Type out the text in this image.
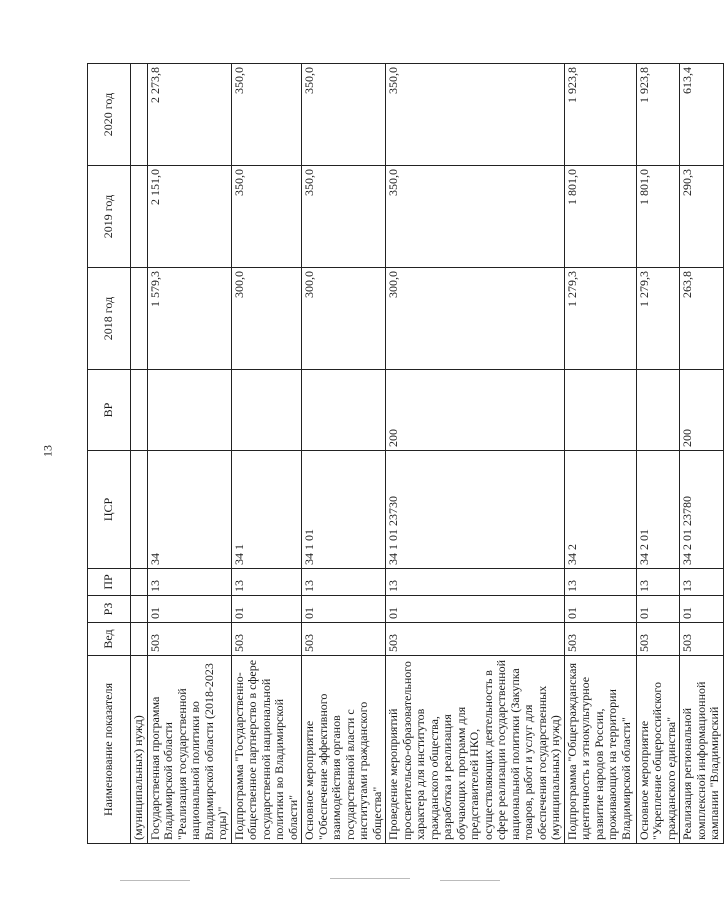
13
Наименование показателя	Вед	РЗ	ПР	ЦСР	ВР	2018 год	2019 год	2020 год
(муниципальных) нужд)								
Государственная программа Владимирской области "Реализация государственной национальной политики во Владимирской области (2018-2023 годы)"	503	01	13	34		1 579,3	2 151,0	2 273,8
Подпрограмма "Государственно-общественное партнерство в сфере государственной национальной политики во Владимирской области"	503	01	13	34 1		300,0	350,0	350,0
Основное мероприятие "Обеспечение эффективного взаимодействия органов государственной власти с институтами гражданского общества"	503	01	13	34 1 01		300,0	350,0	350,0
Проведение мероприятий просветительско-образовательного характера для институтов гражданского общества, разработка и реализация обучающих программ для представителей НКО, осуществляющих деятельность в сфере реализации государственной национальной политики (Закупка товаров, работ и услуг для обеспечения государственных (муниципальных) нужд)	503	01	13	34 1 01 23730	200	300,0	350,0	350,0
Подпрограмма "Общегражданская идентичность и этнокультурное развитие народов России, проживающих на территории Владимирской области"	503	01	13	34 2		1 279,3	1 801,0	1 923,8
Основное мероприятие "Укрепление общероссийского гражданского единства"	503	01	13	34 2 01		1 279,3	1 801,0	1 923,8
Реализация региональной комплексной информационной кампании "Владимирский	503	01	13	34 2 01 23780	200	263,8	290,3	613,4
